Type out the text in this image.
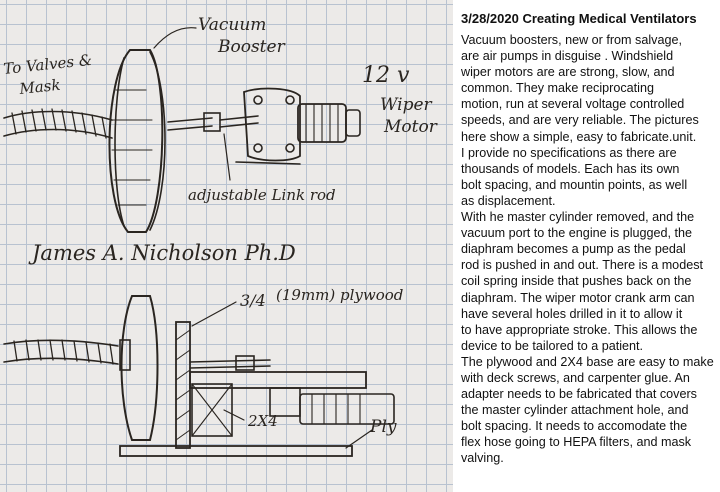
Vacuum
Booster
To Valves &
Mask	12 v
Wiper
Motor
adjustable Link rod
James A. Nicholson Ph.D
3/4 (19mm) plywood
2X4	Ply

3/28/2020 Creating Medical Ventilators

Vacuum boosters, new or from salvage,
are air pumps in disguise . Windshield
wiper motors are are strong, slow, and
common. They make reciprocating
motion, run at several voltage controlled
speeds, and are very reliable. The pictures
here show a simple, easy to fabricate.unit.
I provide no specifications as there are
thousands of models. Each has its own
bolt spacing, and mountin points, as well
as displacement.
With he master cylinder removed, and the
vacuum port to the engine is plugged, the
diaphram becomes a pump as the pedal
rod is pushed in and out. There is a modest
coil spring inside that pushes back on the
diaphram. The wiper motor crank arm can
have several holes drilled in it to allow it
to have appropriate stroke. This allows the
device to be tailored to a patient.
The plywood and 2X4 base are easy to make
with deck screws, and carpenter glue. An
adapter needs to be fabricated that covers
the master cylinder attachment hole, and
bolt spacing. It needs to accomodate the
flex hose going to HEPA filters, and mask
valving.
